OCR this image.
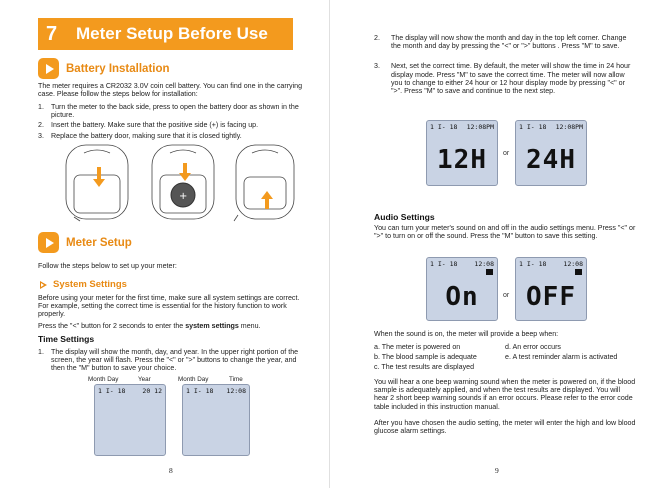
7	Meter Setup Before Use
Battery Installation
The meter requires a CR2032 3.0V coin cell battery. You can find one in the carrying case. Please follow the steps below for installation:
1. Turn the meter to the back side, press to open the battery door as shown in the picture.
2. Insert the battery. Make sure that the positive side (+) is facing up.
3. Replace the battery door, making sure that it is closed tightly.
+
Meter Setup
Follow the steps below to set up your meter:
System Settings
Before using your meter for the first time, make sure all system settings are correct. For example, setting the correct time is essential for the history function to work properly.
Press the "<" button for 2 seconds to enter the system settings menu.
Time Settings
1. The display will show the month, day, and year. In the upper right portion of the screen, the year will flash. Press the "<" or ">" buttons to change the year, and then the "M" button to save your choice.
Month Day	Year	Month Day	Time
1 I- 18	20 12	1 I- 18 12:08
8
2.	The display will now show the month and day in the top left corner. Change the month and day by pressing the "<" or ">" buttons . Press "M" to save.
3.	Next, set the correct time. By default, the meter will show the time in 24 hour display mode. Press "M" to save the correct time. The meter will now allow you to change to either 24 hour or 12 hour display mode by pressing "<" or ">". Press "M" to save and continue to the next step.
1 I- 18 12:08PM
12H	or
1 I- 18 12:08PM
24H
Audio Settings
You can turn your meter's sound on and off in the audio settings menu. Press "<" or ">" to turn on or off the sound. Press the "M" button to save this setting.
1 I- 18	12:08
On	or
1 I- 18	12:08
OFF
When the sound is on, the meter will provide a beep when:
a. The meter is powered on	d. An error occurs
b. The blood sample is adequate	e. A test reminder alarm is activated
c. The test results are displayed
You will hear a one beep warning sound when the meter is powered on, if the blood sample is adequately applied, and when the test results are displayed. You will hear 2 short beep warning sounds if an error occurs. Please refer to the error code table included in this instruction manual.
After you have chosen the audio setting, the meter will enter the high and low blood glucose alarm settings.
9
